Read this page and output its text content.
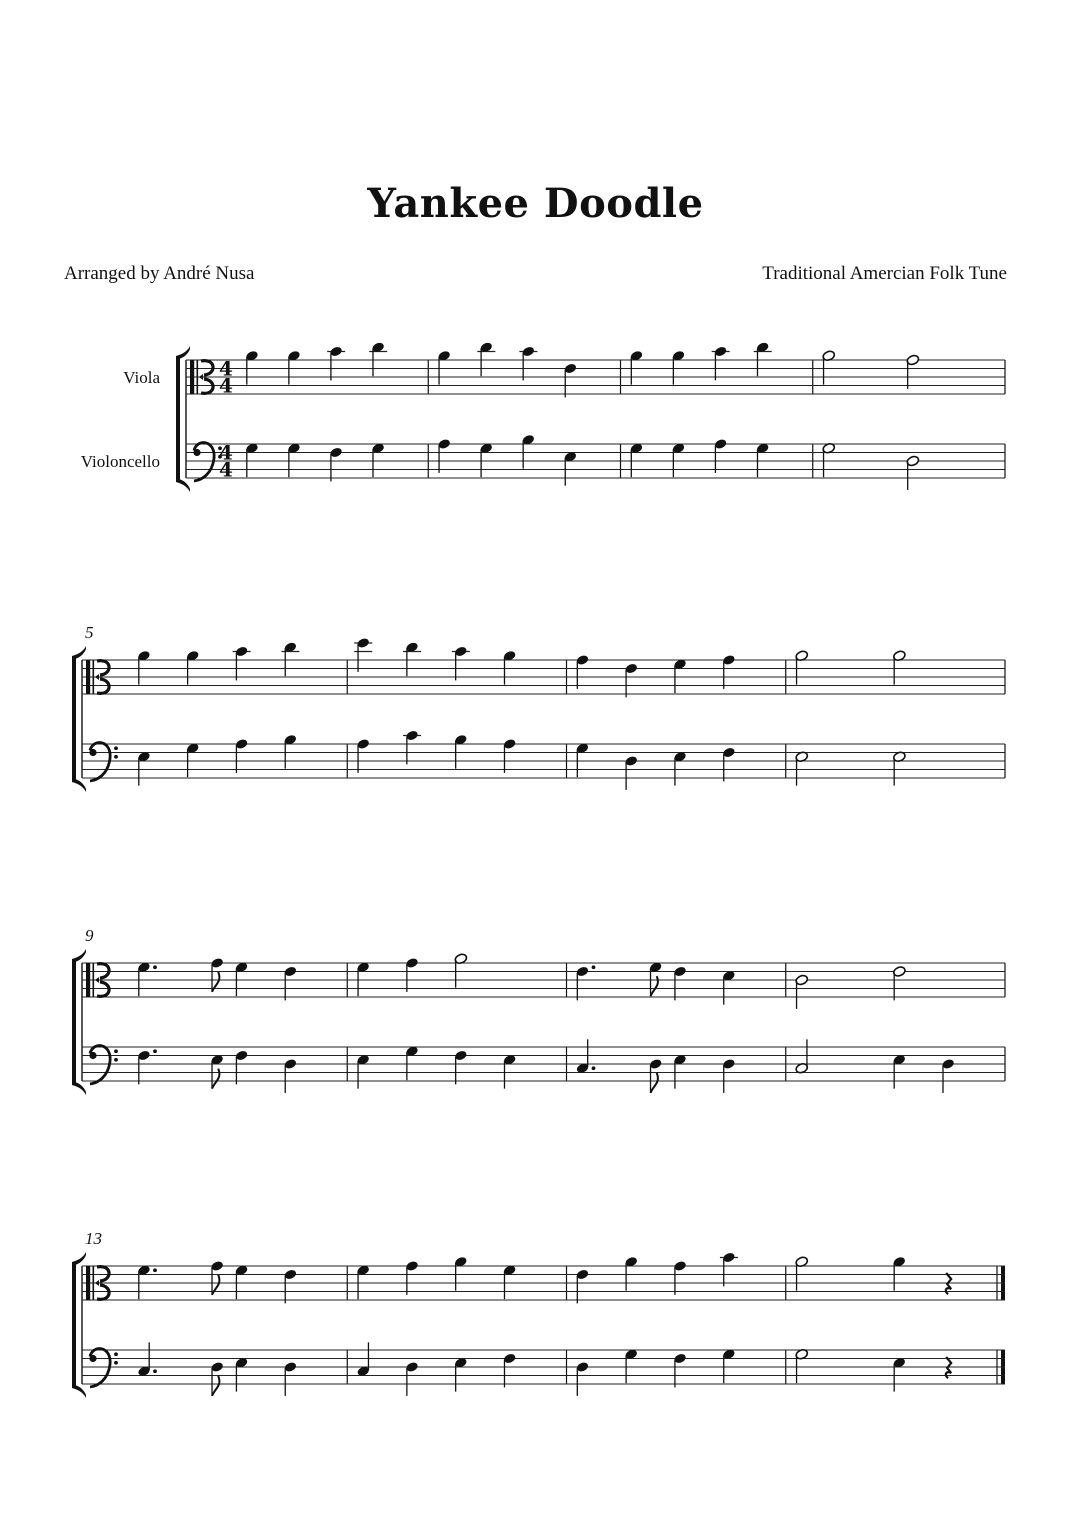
Yankee Doodle
Arranged by André Nusa	Traditional Amercian Folk Tune
Viola
Violoncello
4
4
4
4
5
9
13
